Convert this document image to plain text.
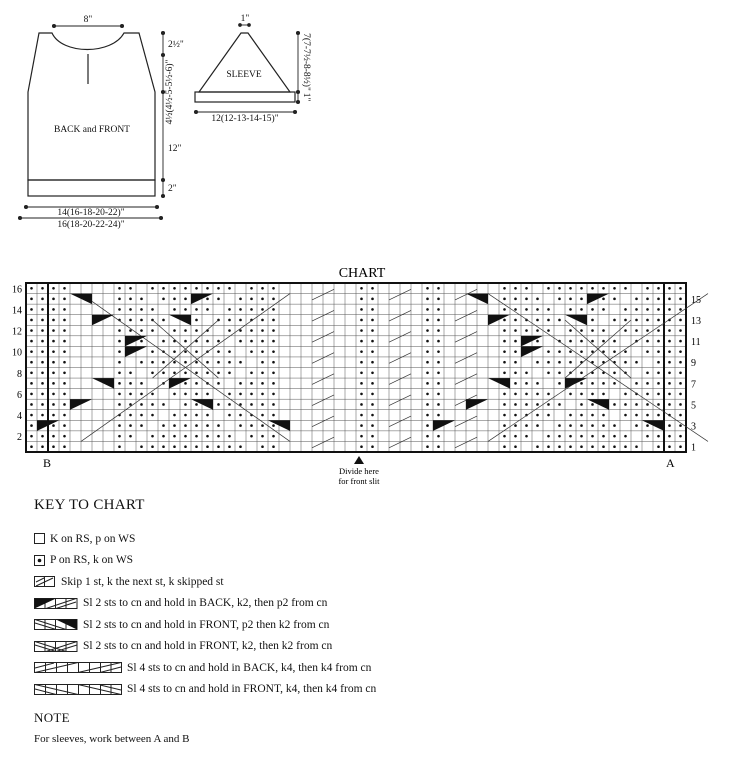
8"
2½"
4½(4½-5-5½-6)"
12"
2"
BACK and FRONT
14(16-18-20-22)"
16(18-20-22-24)"
1"
SLEEVE	7(7-7½-8-8½)"
1"
12(12-13-14-15)"
CHART
16
14
12
10
8
6
4
2
15
13
11
9
7
5
3
1
B	A
Divide here
for front slit
KEY TO CHART
K on RS, p on WS
P on RS, k on WS
Skip 1 st, k the next st, k skipped st
Sl 2 sts to cn and hold in BACK, k2, then p2 from cn
Sl 2 sts to cn and hold in FRONT, p2 then k2 from cn
Sl 2 sts to cn and hold in FRONT, k2, then k2 from cn
Sl 4 sts to cn and hold in BACK, k4, then k4 from cn
Sl 4 sts to cn and hold in FRONT, k4, then k4 from cn
NOTE
For sleeves, work between A and B
